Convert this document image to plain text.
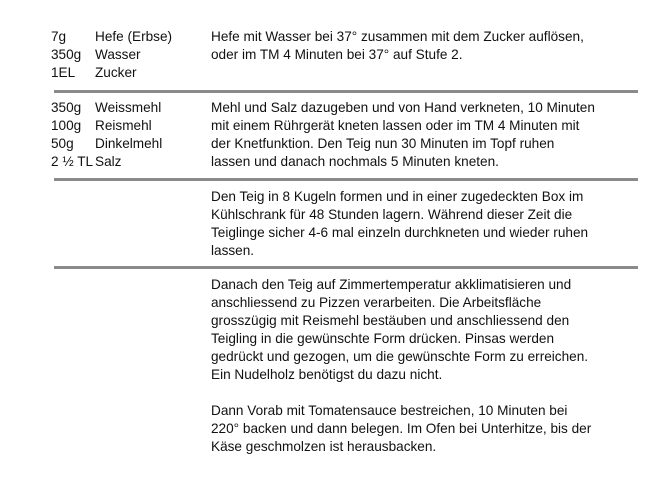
7g	Hefe (Erbse)
350g	Wasser
1EL	Zucker

Hefe mit Wasser bei 37° zusammen mit dem Zucker auflösen, oder im TM 4 Minuten bei 37° auf Stufe 2.

350g	Weissmehl
100g	Reismehl
50g	Dinkelmehl
2 ½ TL Salz

Mehl und Salz dazugeben und von Hand verkneten, 10 Minuten mit einem Rührgerät kneten lassen oder im TM 4 Minuten mit der Knetfunktion. Den Teig nun 30 Minuten im Topf ruhen lassen und danach nochmals 5 Minuten kneten.

Den Teig in 8 Kugeln formen und in einer zugedeckten Box im Kühlschrank für 48 Stunden lagern. Während dieser Zeit die Teiglinge sicher 4-6 mal einzeln durchkneten und wieder ruhen lassen.

Danach den Teig auf Zimmertemperatur akklimatisieren und anschliessend zu Pizzen verarbeiten. Die Arbeitsfläche grosszügig mit Reismehl bestäuben und anschliessend den Teigling in die gewünschte Form drücken. Pinsas werden gedrückt und gezogen, um die gewünschte Form zu erreichen. Ein Nudelholz benötigst du dazu nicht.

Dann Vorab mit Tomatensauce bestreichen, 10 Minuten bei 220° backen und dann belegen. Im Ofen bei Unterhitze, bis der Käse geschmolzen ist herausbacken.
